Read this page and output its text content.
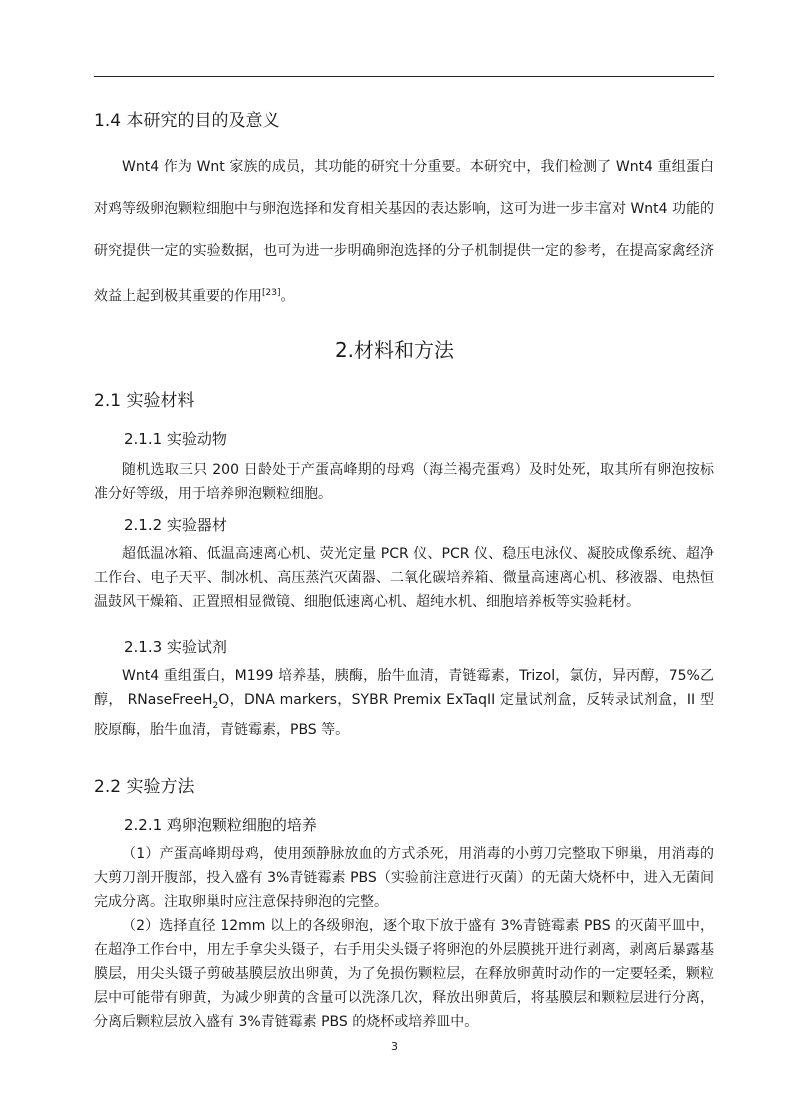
1.4 本研究的目的及意义

Wnt4 作为 Wnt 家族的成员，其功能的研究十分重要。本研究中，我们检测了 Wnt4 重组蛋白对鸡等级卵泡颗粒细胞中与卵泡选择和发育相关基因的表达影响，这可为进一步丰富对 Wnt4 功能的研究提供一定的实验数据，也可为进一步明确卵泡选择的分子机制提供一定的参考，在提高家禽经济效益上起到极其重要的作用[23]。

2.材料和方法

2.1 实验材料

2.1.1 实验动物

随机选取三只 200 日龄处于产蛋高峰期的母鸡（海兰褐壳蛋鸡）及时处死，取其所有卵泡按标准分好等级，用于培养卵泡颗粒细胞。

2.1.2 实验器材

超低温冰箱、低温高速离心机、荧光定量 PCR 仪、PCR 仪、稳压电泳仪、凝胶成像系统、超净工作台、电子天平、制冰机、高压蒸汽灭菌器、二氧化碳培养箱、微量高速离心机、移液器、电热恒温鼓风干燥箱、正置照相显微镜、细胞低速离心机、超纯水机、细胞培养板等实验耗材。

2.1.3 实验试剂

Wnt4 重组蛋白，M199 培养基，胰酶，胎牛血清，青链霉素，Trizol，氯仿，异丙醇，75%乙醇， RNaseFreeH$_2$O，DNA markers，SYBR Premix ExTaqII 定量试剂盒，反转录试剂盒，II 型胶原酶，胎牛血清，青链霉素，PBS 等。

2.2 实验方法

2.2.1 鸡卵泡颗粒细胞的培养

（1）产蛋高峰期母鸡，使用颈静脉放血的方式杀死，用消毒的小剪刀完整取下卵巢，用消毒的大剪刀剖开腹部，投入盛有 3%青链霉素 PBS（实验前注意进行灭菌）的无菌大烧杯中，进入无菌间完成分离。注取卵巢时应注意保持卵泡的完整。

（2）选择直径 12mm 以上的各级卵泡，逐个取下放于盛有 3%青链霉素 PBS 的灭菌平皿中，在超净工作台中，用左手拿尖头镊子，右手用尖头镊子将卵泡的外层膜挑开进行剥离，剥离后暴露基膜层，用尖头镊子剪破基膜层放出卵黄，为了免损伤颗粒层，在释放卵黄时动作的一定要轻柔，颗粒层中可能带有卵黄，为减少卵黄的含量可以洗涤几次，释放出卵黄后，将基膜层和颗粒层进行分离，分离后颗粒层放入盛有 3%青链霉素 PBS 的烧杯或培养皿中。

3
